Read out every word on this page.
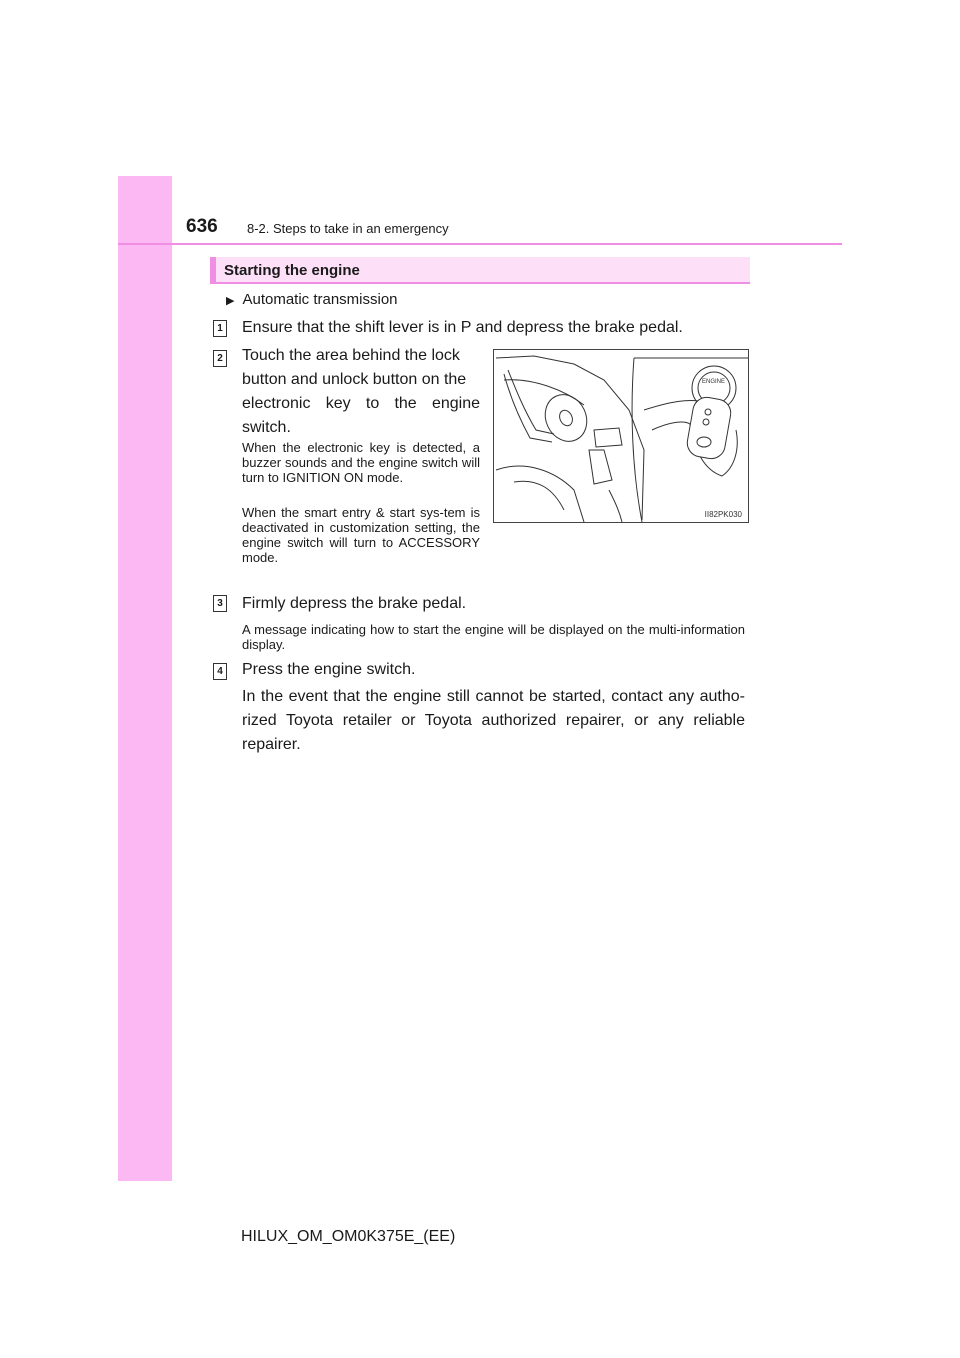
636 8-2. Steps to take in an emergency
Starting the engine
▶ Automatic transmission
1 Ensure that the shift lever is in P and depress the brake pedal.
2 Touch the area behind the lock
button and unlock button on the
electronic key to the engine
switch.
When the electronic key is detected, a buzzer sounds and the engine switch will turn to IGNITION ON mode.
When the smart entry & start sys-tem is deactivated in customization setting, the engine switch will turn to ACCESSORY mode.
ENGINE
II82PK030
3 Firmly depress the brake pedal.
A message indicating how to start the engine will be displayed on the multi-information display.
4 Press the engine switch.
In the event that the engine still cannot be started, contact any autho-rized Toyota retailer or Toyota authorized repairer, or any reliable repairer.
HILUX_OM_OM0K375E_(EE)
